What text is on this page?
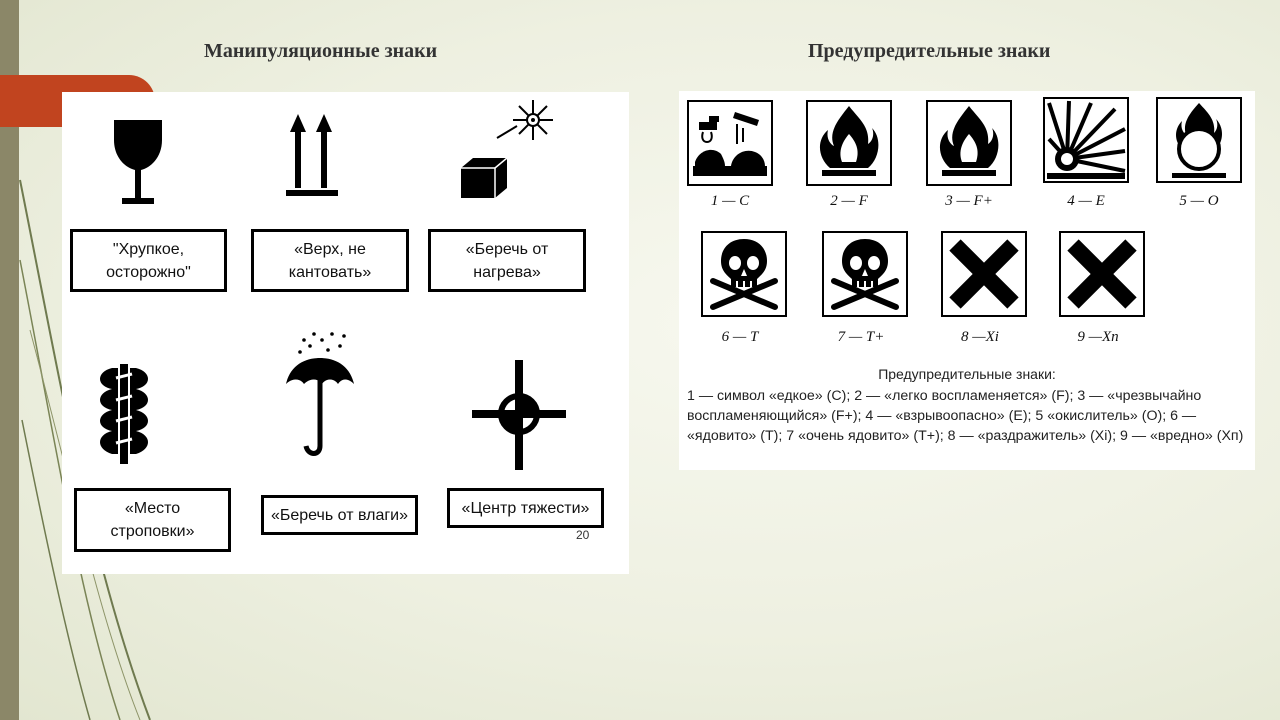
Манипуляционные знаки	Предупредительные знаки
"Хрупкое,
осторожно"
«Верх, не
кантовать»
«Беречь от
нагрева»
«Место
строповки»
«Беречь от влаги»	«Центр тяжести»
20
1 — C	2 — F	3 — F+	4 — E	5 — O
6 — T	7 — T+	8 —Xi	9 —Xn
Предупредительные знаки:
1 — символ «едкое» (С); 2 — «легко воспламеняется» (F); 3 — «чрезвычайно воспламеняющийся» (F+); 4 — «взрывоопасно» (Е); 5 «окислитель» (О); 6 — «ядовито» (Т); 7 «очень ядовито» (Т+); 8 — «раздражитель» (Xi); 9 — «вредно» (Хп)
